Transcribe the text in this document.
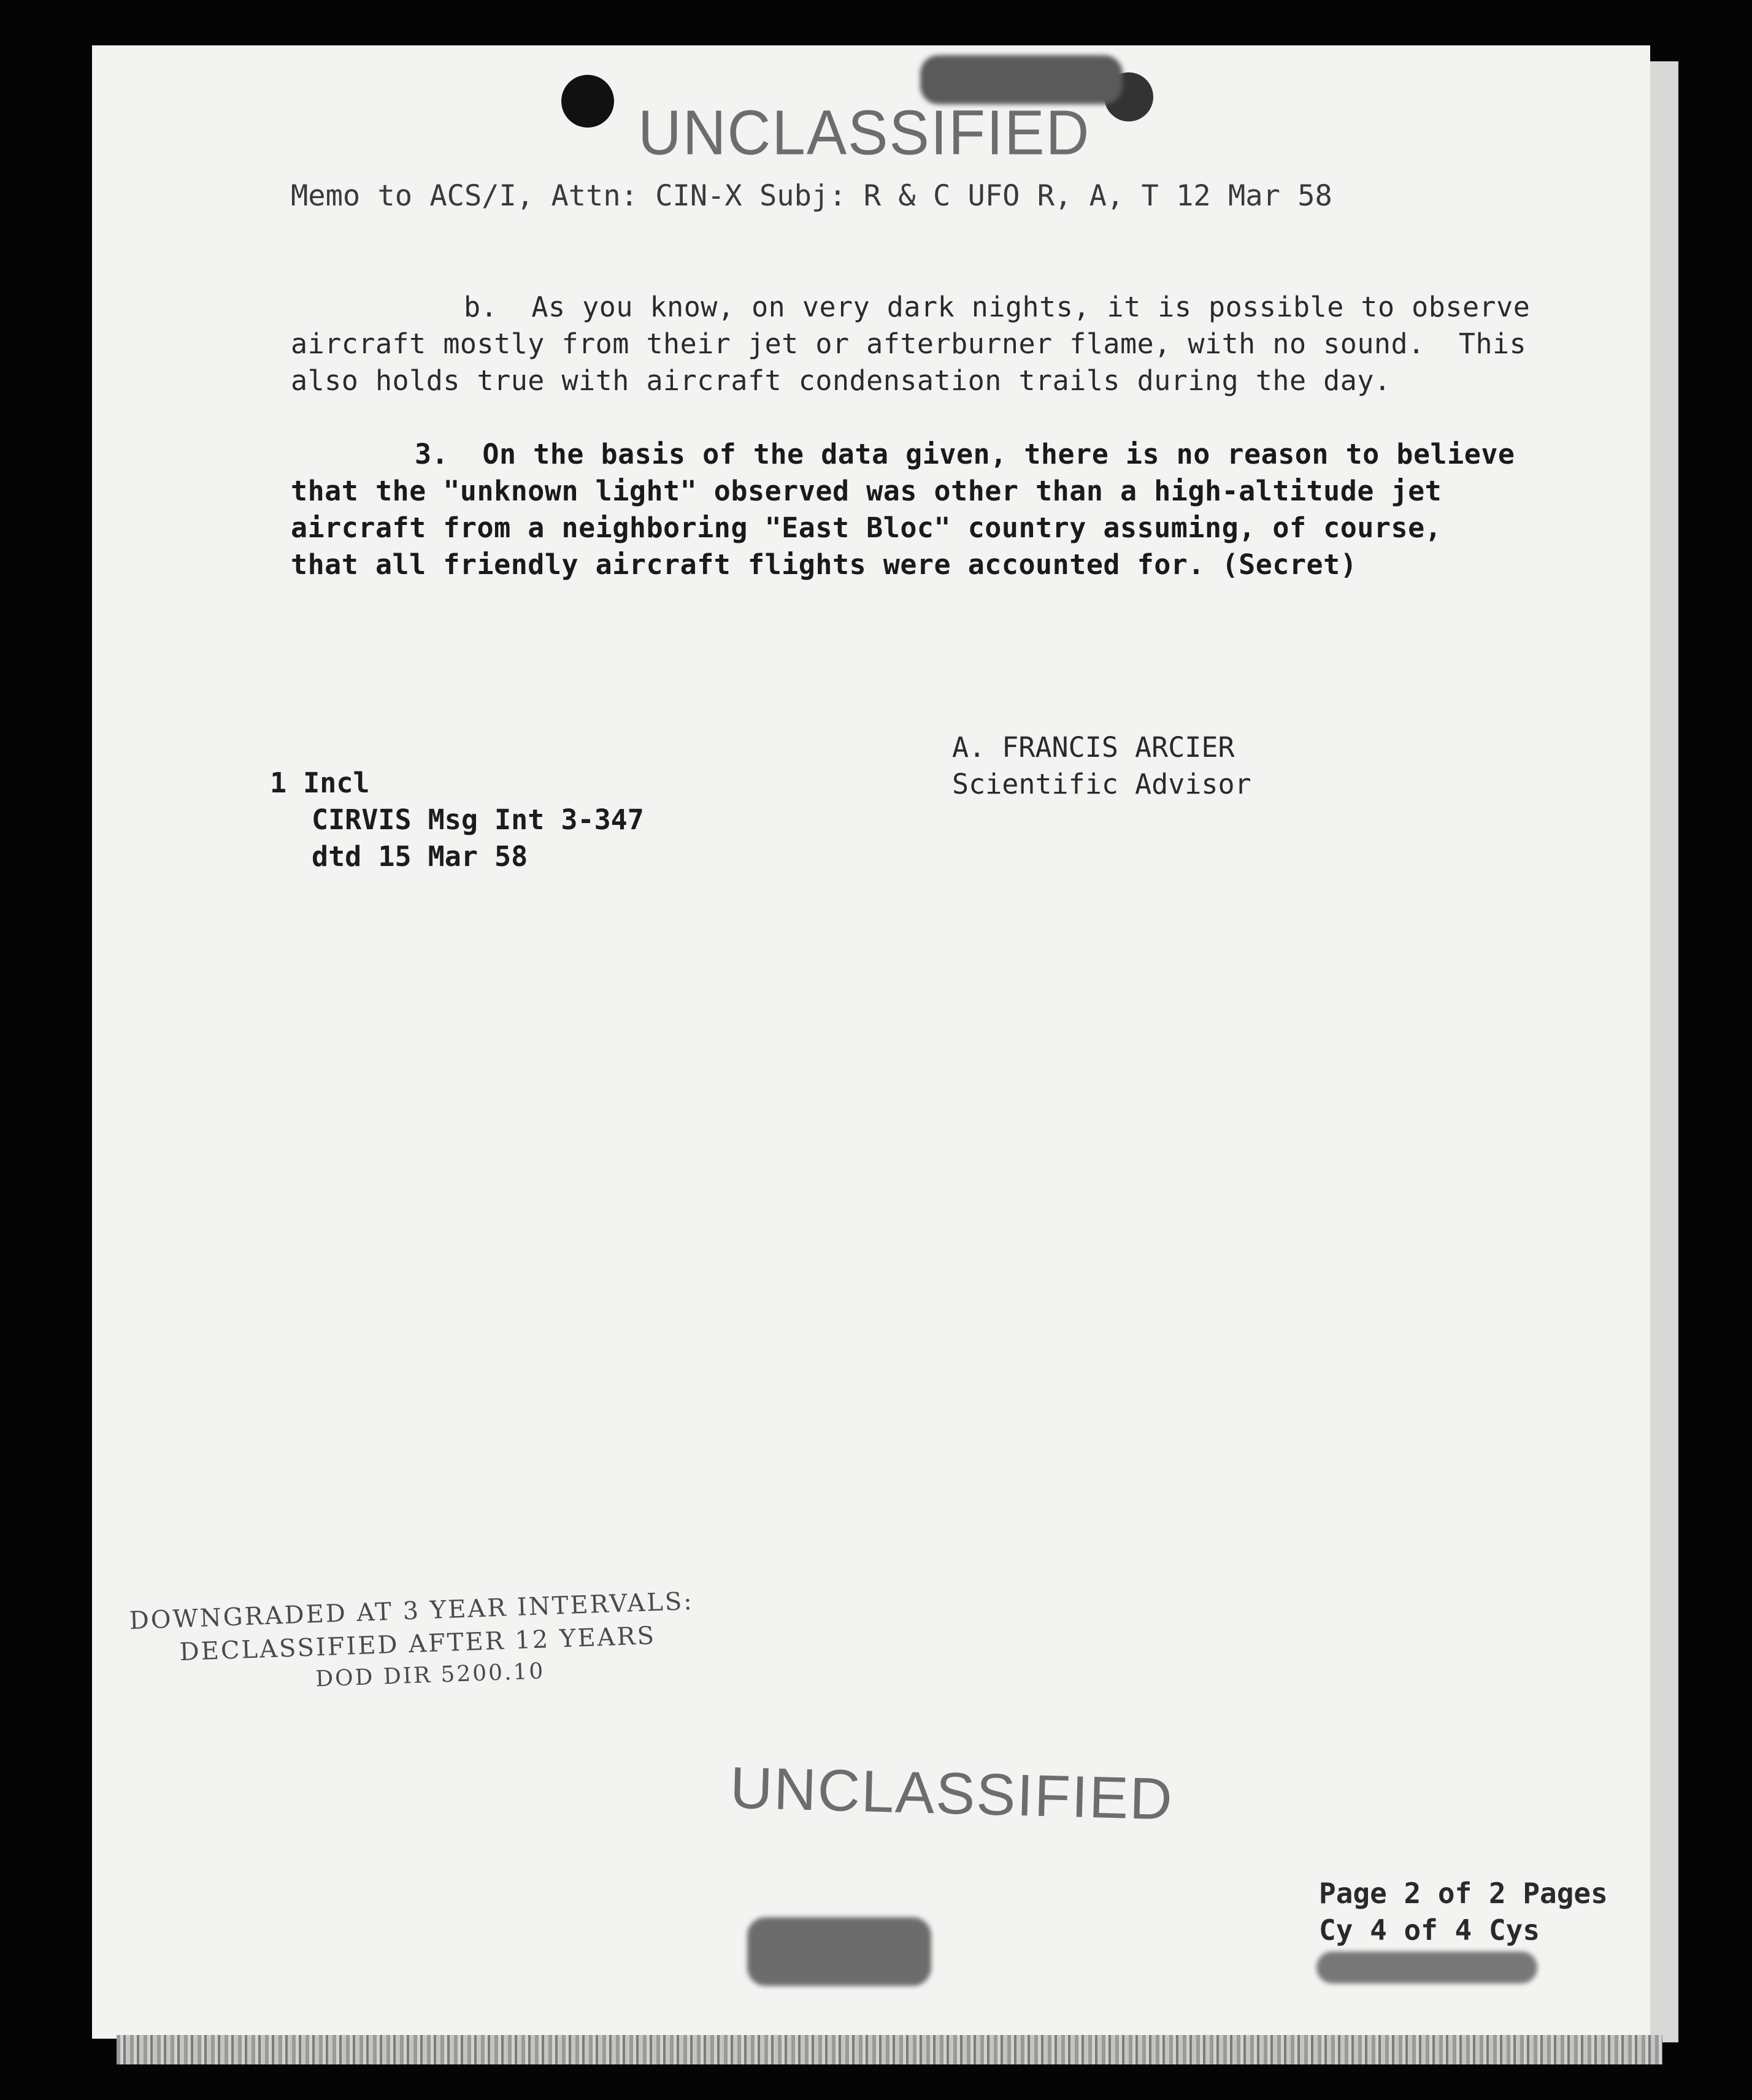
UNCLASSIFIED
Memo to ACS/I, Attn: CIN-X Subj: R & C UFO R, A, T 12 Mar 58
b.  As you know, on very dark nights, it is possible to observe
aircraft mostly from their jet or afterburner flame, with no sound.  This
also holds true with aircraft condensation trails during the day.
3.  On the basis of the data given, there is no reason to believe
that the "unknown light" observed was other than a high-altitude jet
aircraft from a neighboring "East Bloc" country assuming, of course,
that all friendly aircraft flights were accounted for. (Secret)
A. FRANCIS ARCIER
Scientific Advisor
1 Incl
CIRVIS Msg Int 3-347
dtd 15 Mar 58
DOWNGRADED AT 3 YEAR INTERVALS:
DECLASSIFIED AFTER 12 YEARS
DOD DIR 5200.10
UNCLASSIFIED
Page 2 of 2 Pages
Cy 4 of 4 Cys
